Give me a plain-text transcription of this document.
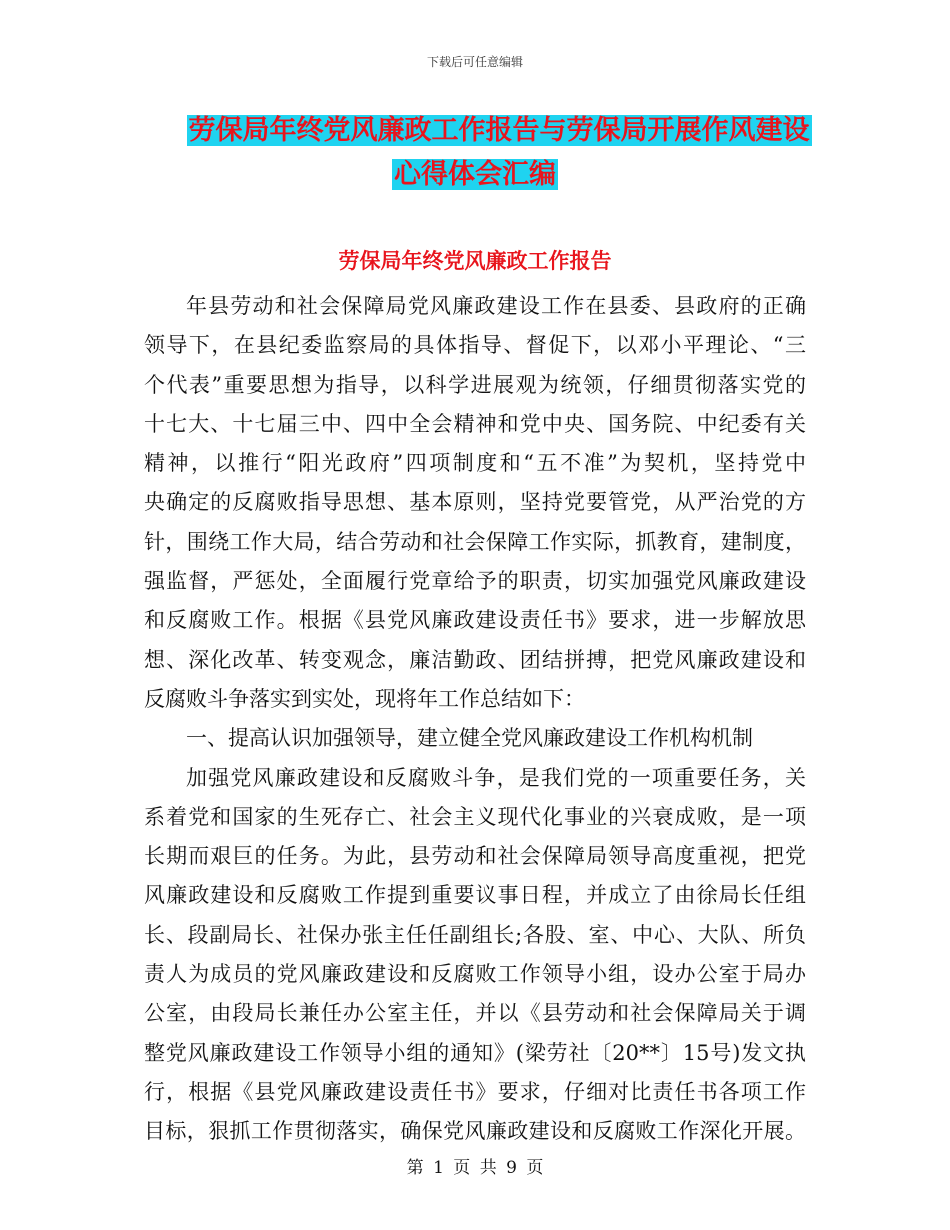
下载后可任意编辑
劳保局年终党风廉政工作报告与劳保局开展作风建设
心得体会汇编
劳保局年终党风廉政工作报告
年县劳动和社会保障局党风廉政建设工作在县委、县政府的正确
领导下，在县纪委监察局的具体指导、督促下，以邓小平理论、“三
个代表”重要思想为指导，以科学进展观为统领，仔细贯彻落实党的
十七大、十七届三中、四中全会精神和党中央、国务院、中纪委有关
精神，以推行“阳光政府”四项制度和“五不准”为契机，坚持党中
央确定的反腐败指导思想、基本原则，坚持党要管党，从严治党的方
针，围绕工作大局，结合劳动和社会保障工作实际，抓教育，建制度，
强监督，严惩处，全面履行党章给予的职责，切实加强党风廉政建设
和反腐败工作。根据《县党风廉政建设责任书》要求，进一步解放思
想、深化改革、转变观念，廉洁勤政、团结拼搏，把党风廉政建设和
反腐败斗争落实到实处，现将年工作总结如下：
一、提高认识加强领导，建立健全党风廉政建设工作机构机制
加强党风廉政建设和反腐败斗争，是我们党的一项重要任务，关
系着党和国家的生死存亡、社会主义现代化事业的兴衰成败，是一项
长期而艰巨的任务。为此，县劳动和社会保障局领导高度重视，把党
风廉政建设和反腐败工作提到重要议事日程，并成立了由徐局长任组
长、段副局长、社保办张主任任副组长;各股、室、中心、大队、所负
责人为成员的党风廉政建设和反腐败工作领导小组，设办公室于局办
公室，由段局长兼任办公室主任，并以《县劳动和社会保障局关于调
整党风廉政建设工作领导小组的通知》(梁劳社〔20**〕15号)发文执
行，根据《县党风廉政建设责任书》要求，仔细对比责任书各项工作
目标，狠抓工作贯彻落实，确保党风廉政建设和反腐败工作深化开展。
第 1 页 共 9 页
